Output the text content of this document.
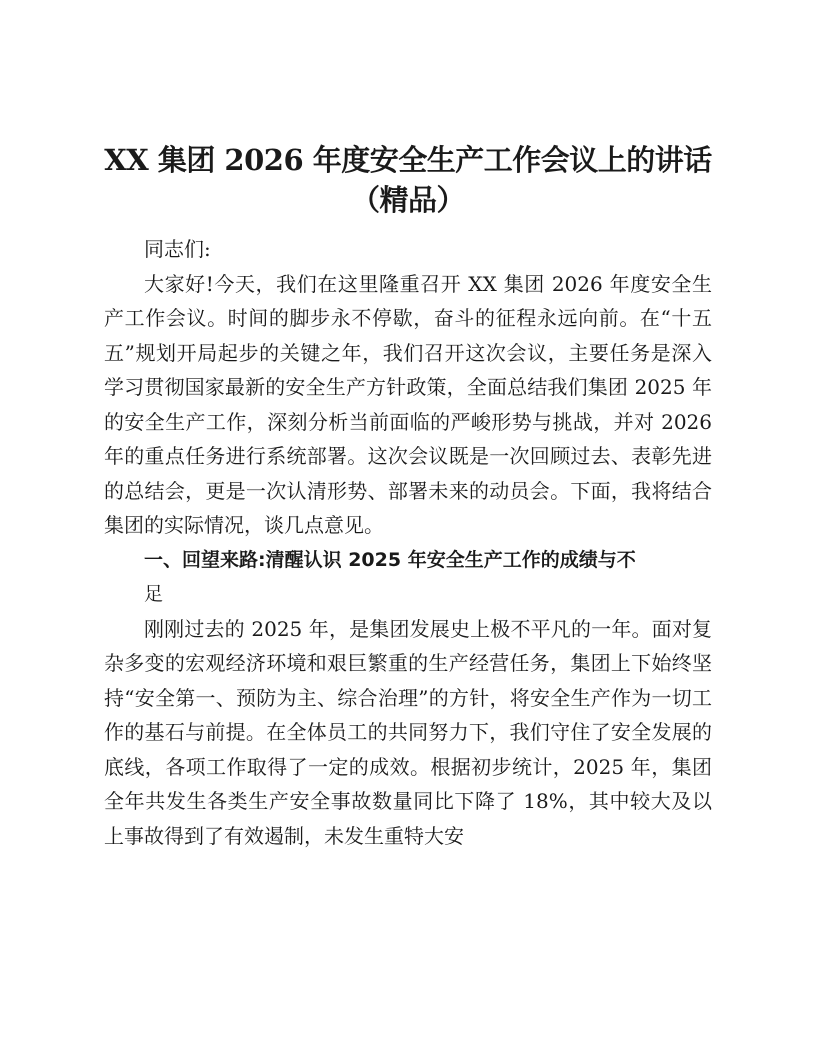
XX 集团 2026 年度安全生产工作会议上的讲话
（精品）

同志们:

大家好!今天，我们在这里隆重召开 XX 集团 2026 年度安全生产工作会议。时间的脚步永不停歇，奋斗的征程永远向前。在“十五五”规划开局起步的关键之年，我们召开这次会议，主要任务是深入学习贯彻国家最新的安全生产方针政策，全面总结我们集团 2025 年的安全生产工作，深刻分析当前面临的严峻形势与挑战，并对 2026 年的重点任务进行系统部署。这次会议既是一次回顾过去、表彰先进的总结会，更是一次认清形势、部署未来的动员会。下面，我将结合集团的实际情况，谈几点意见。

一、回望来路:清醒认识 2025 年安全生产工作的成绩与不

足

刚刚过去的 2025 年，是集团发展史上极不平凡的一年。面对复杂多变的宏观经济环境和艰巨繁重的生产经营任务，集团上下始终坚持“安全第一、预防为主、综合治理”的方针，将安全生产作为一切工作的基石与前提。在全体员工的共同努力下，我们守住了安全发展的底线，各项工作取得了一定的成效。根据初步统计，2025 年，集团全年共发生各类生产安全事故数量同比下降了 18%，其中较大及以上事故得到了有效遏制，未发生重特大安
